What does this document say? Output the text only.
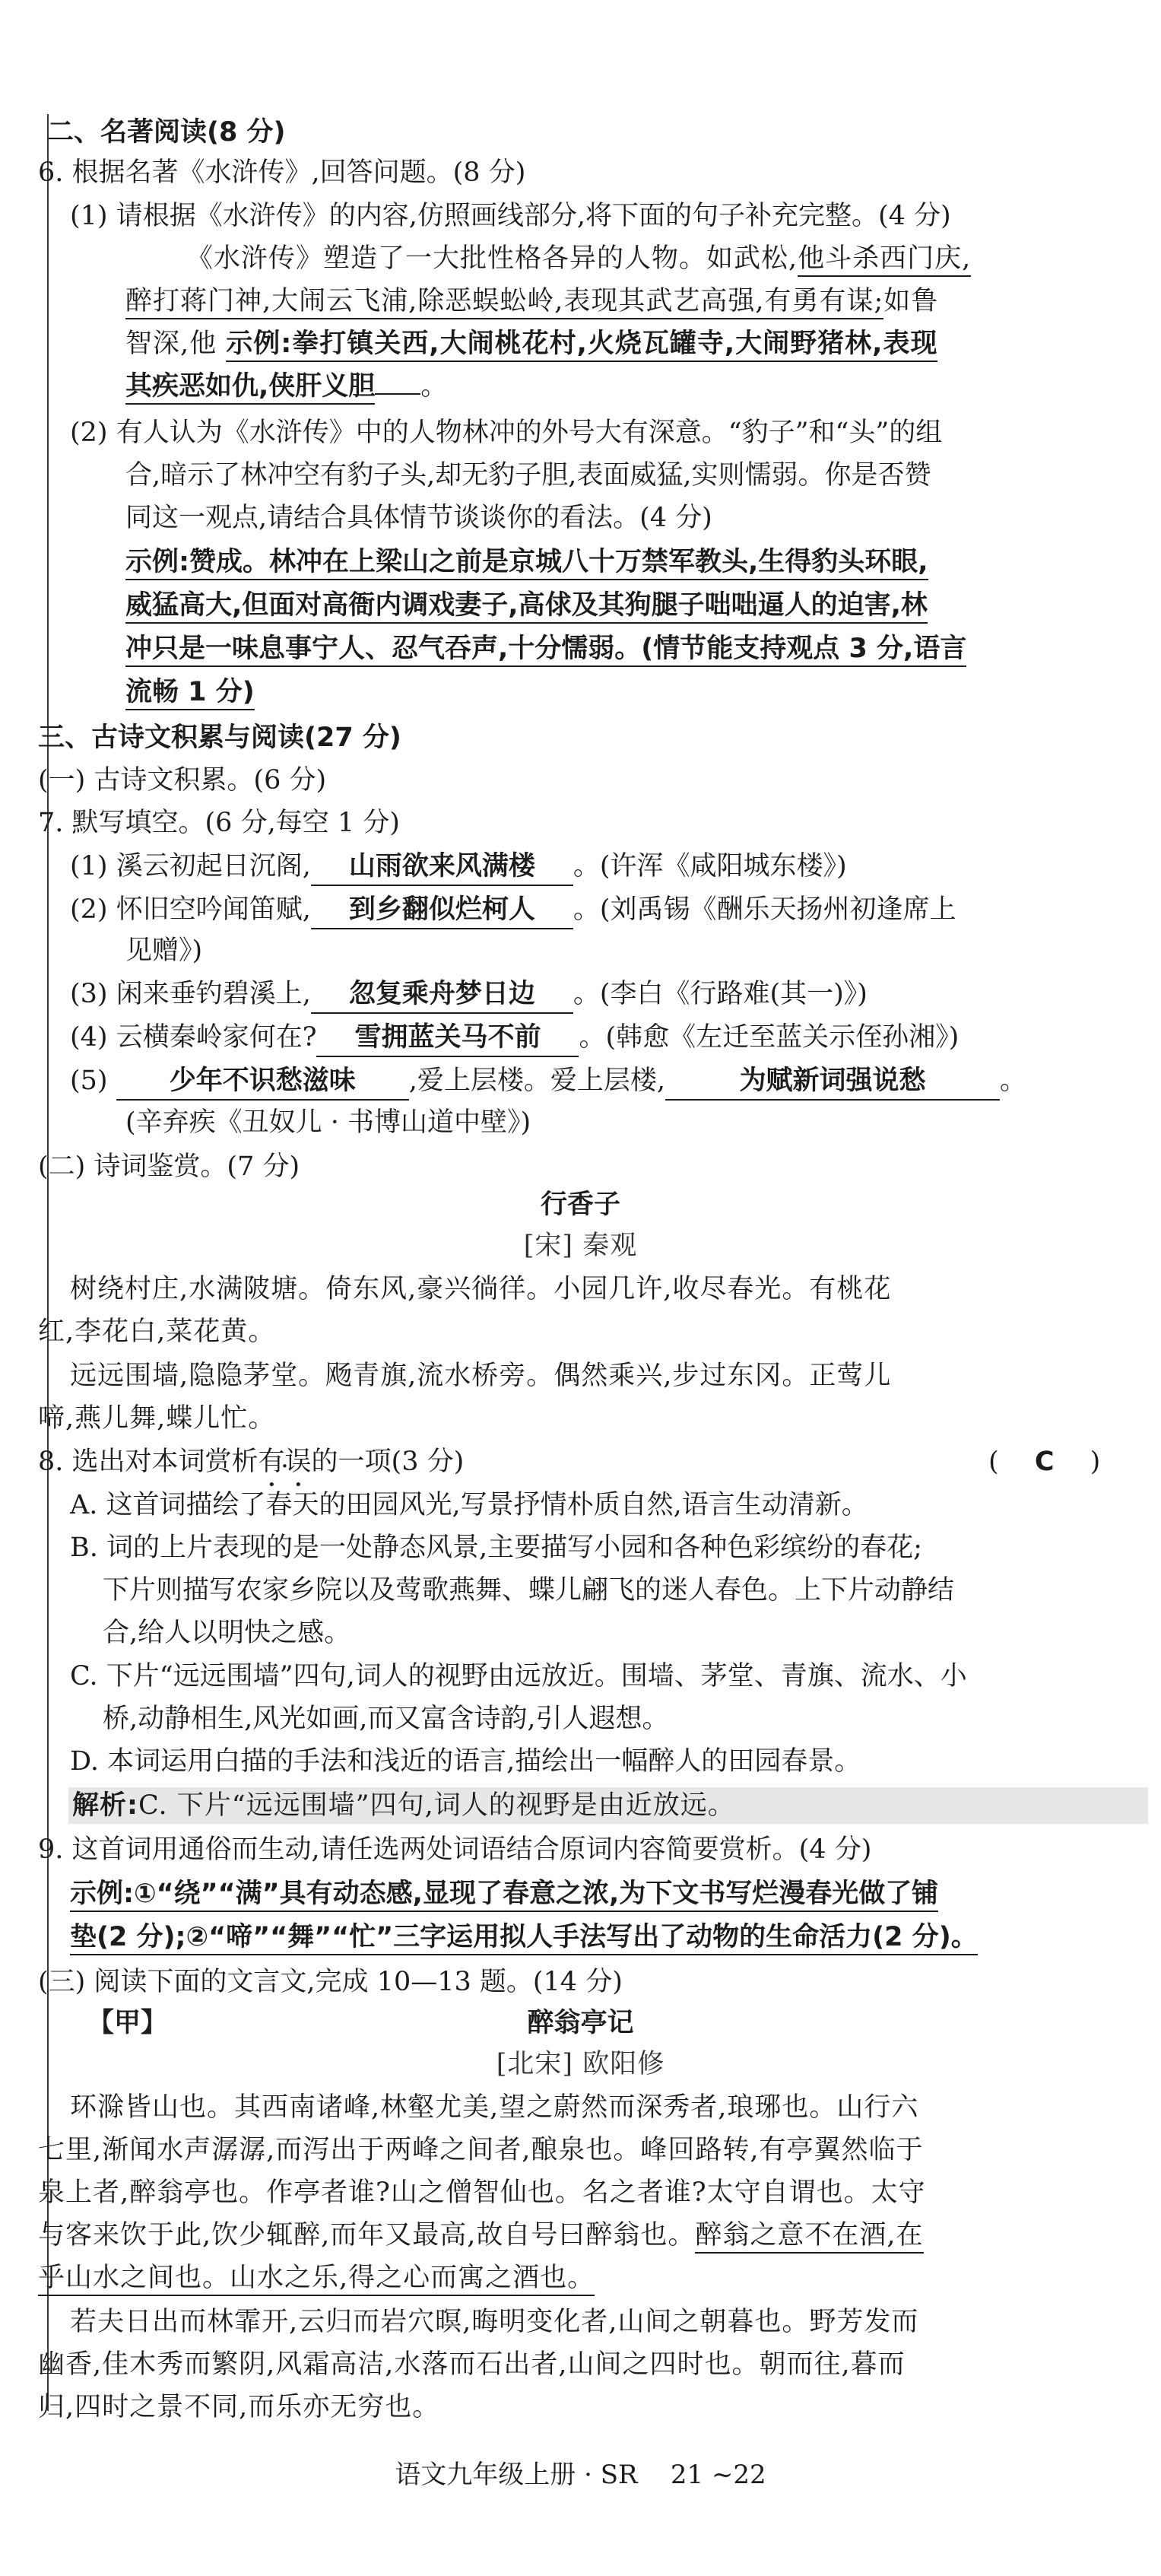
二、名著阅读(8 分)
6. 根据名著《水浒传》,回答问题。(8 分)
(1) 请根据《水浒传》的内容,仿照画线部分,将下面的句子补充完整。(4 分)
《水浒传》塑造了一大批性格各异的人物。如武松,他斗杀西门庆,
醉打蒋门神,大闹云飞浦,除恶蜈蚣岭,表现其武艺高强,有勇有谋;如鲁
智深,他 示例:拳打镇关西,大闹桃花村,火烧瓦罐寺,大闹野猪林,表现
其疾恶如仇,侠肝义胆 。
(2) 有人认为《水浒传》中的人物林冲的外号大有深意。“豹子”和“头”的组
合,暗示了林冲空有豹子头,却无豹子胆,表面威猛,实则懦弱。你是否赞
同这一观点,请结合具体情节谈谈你的看法。(4 分)
示例:赞成。林冲在上梁山之前是京城八十万禁军教头,生得豹头环眼,
威猛高大,但面对高衙内调戏妻子,高俅及其狗腿子咄咄逼人的迫害,林
冲只是一味息事宁人、忍气吞声,十分懦弱。(情节能支持观点 3 分,语言
流畅 1 分)
三、古诗文积累与阅读(27 分)
(一) 古诗文积累。(6 分)
7. 默写填空。(6 分,每空 1 分)
(1) 溪云初起日沉阁, 山雨欲来风满楼 。(许浑《咸阳城东楼》)
(2) 怀旧空吟闻笛赋, 到乡翻似烂柯人 。(刘禹锡《酬乐天扬州初逢席上
见赠》)
(3) 闲来垂钓碧溪上, 忽复乘舟梦日边 。(李白《行路难(其一)》)
(4) 云横秦岭家何在? 雪拥蓝关马不前 。(韩愈《左迁至蓝关示侄孙湘》)
(5) 少年不识愁滋味 ,爱上层楼。爱上层楼,	为赋新词强说愁	。
(辛弃疾《丑奴儿 · 书博山道中壁》)
(二) 诗词鉴赏。(7 分)
行香子
[宋] 秦观
树绕村庄,水满陂塘。倚东风,豪兴徜徉。小园几许,收尽春光。有桃花
红,李花白,菜花黄。
远远围墙,隐隐茅堂。飏青旗,流水桥旁。偶然乘兴,步过东冈。正莺儿
啼,燕儿舞,蝶儿忙。
8. 选出对本词赏析有误的一项(3 分)	( C )
A. 这首词描绘了春天的田园风光,写景抒情朴质自然,语言生动清新。
B. 词的上片表现的是一处静态风景,主要描写小园和各种色彩缤纷的春花;
下片则描写农家乡院以及莺歌燕舞、蝶儿翩飞的迷人春色。上下片动静结
合,给人以明快之感。
C. 下片“远远围墙”四句,词人的视野由远放近。围墙、茅堂、青旗、流水、小
桥,动静相生,风光如画,而又富含诗韵,引人遐想。
D. 本词运用白描的手法和浅近的语言,描绘出一幅醉人的田园春景。
解析:C. 下片“远远围墙”四句,词人的视野是由近放远。
9. 这首词用通俗而生动,请任选两处词语结合原词内容简要赏析。(4 分)
示例:①“绕”“满”具有动态感,显现了春意之浓,为下文书写烂漫春光做了铺
垫(2 分);②“啼”“舞”“忙”三字运用拟人手法写出了动物的生命活力(2 分)。
(三) 阅读下面的文言文,完成 10—13 题。(14 分)
【甲】	醉翁亭记
[北宋] 欧阳修
环滁皆山也。其西南诸峰,林壑尤美,望之蔚然而深秀者,琅琊也。山行六
七里,渐闻水声潺潺,而泻出于两峰之间者,酿泉也。峰回路转,有亭翼然临于
泉上者,醉翁亭也。作亭者谁?山之僧智仙也。名之者谁?太守自谓也。太守
与客来饮于此,饮少辄醉,而年又最高,故自号曰醉翁也。醉翁之意不在酒,在
乎山水之间也。山水之乐,得之心而寓之酒也。
若夫日出而林霏开,云归而岩穴暝,晦明变化者,山间之朝暮也。野芳发而
幽香,佳木秀而繁阴,风霜高洁,水落而石出者,山间之四时也。朝而往,暮而
归,四时之景不同,而乐亦无穷也。
语文九年级上册 · SR    21 ~22
